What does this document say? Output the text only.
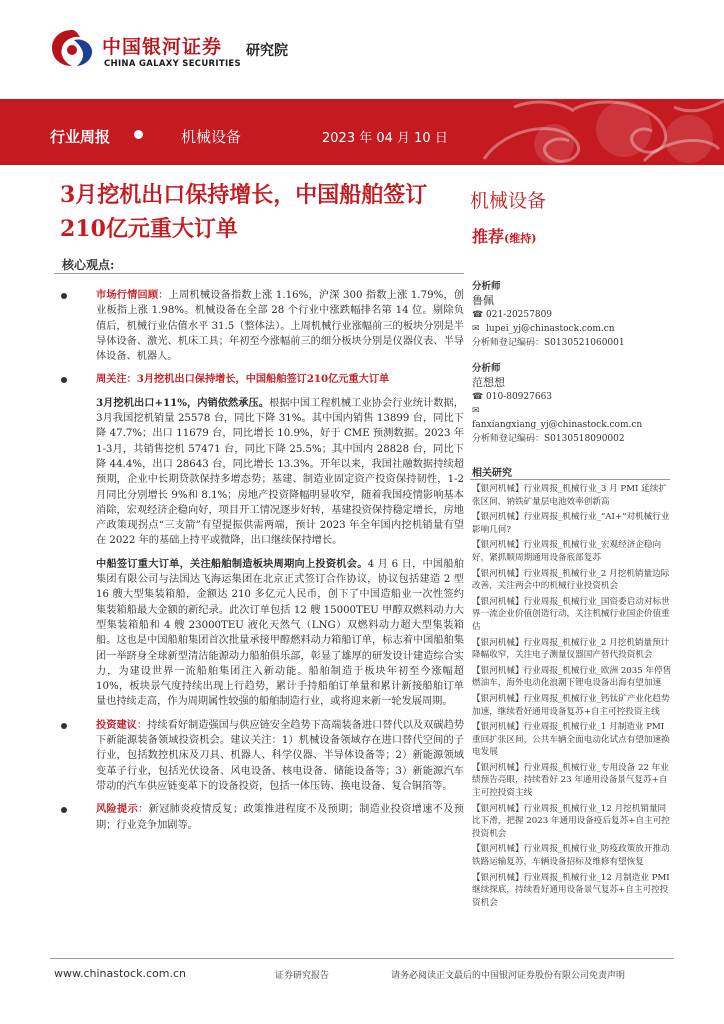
中国银河证券
CHINA GALAXY SECURITIES
研究院
行业周报	机械设备	2023 年 04 月 10 日
3月挖机出口保持增长，中国船舶签订210亿元重大订单
机械设备
推荐(维持)
核心观点:
市场行情回顾：上周机械设备指数上涨 1.16%，沪深 300 指数上涨 1.79%，创业板指上涨 1.98%。机械设备在全部 28 个行业中涨跌幅排名第 14 位。剔除负值后，机械行业估值水平 31.5（整体法）。上周机械行业涨幅前三的板块分别是半导体设备、激光、机床工具；年初至今涨幅前三的细分板块分别是仪器仪表、半导体设备、机器人。
周关注：3月挖机出口保持增长，中国船舶签订210亿元重大订单
3月挖机出口+11%，内销依然承压。根据中国工程机械工业协会行业统计数据，3月我国挖机销量 25578 台，同比下降 31%。其中国内销售 13899 台，同比下降 47.7%；出口 11679 台，同比增长 10.9%，好于 CME 预测数据。2023 年 1-3月，共销售挖机 57471 台，同比下降 25.5%；其中国内 28828 台，同比下降 44.4%，出口 28643 台，同比增长 13.3%。开年以来，我国社融数据持续超预期，企业中长期贷款保持多增态势；基建、制造业固定资产投资保持韧性，1-2月同比分别增长 9%和 8.1%；房地产投资降幅明显收窄，随着我国疫情影响基本消除，宏观经济企稳向好，项目开工情况逐步好转，基建投资保持稳定增长，房地产政策现拐点“三支箭”有望提振供需两端，预计 2023 年全年国内挖机销量有望在 2022 年的基础上持平或微降，出口继续保持增长。
中船签订重大订单，关注船舶制造板块周期向上投资机会。4 月 6 日，中国船舶集团有限公司与法国达飞海运集团在北京正式签订合作协议，协议包括建造 2 型 16 艘大型集装箱船，金额达 210 多亿元人民币，创下了中国造船业一次性签约集装箱船最大金额的新纪录。此次订单包括 12 艘 15000TEU 甲醇双燃料动力大型集装箱船和 4 艘 23000TEU 液化天然气（LNG）双燃料动力超大型集装箱船。这也是中国船舶集团首次批量承接甲醇燃料动力箱船订单，标志着中国船舶集团一举跻身全球新型清洁能源动力船舶俱乐部，彰显了雄厚的研发设计建造综合实力，为建设世界一流船舶集团注入新动能。船舶制造于板块年初至今涨幅超 10%，板块景气度持续出现上行趋势，累计手持船舶订单量和累计新接船舶订单量也持续走高，作为周期属性较强的船舶制造行业，或将迎来新一轮发展周期。
投资建议：持续看好制造强国与供应链安全趋势下高端装备进口替代以及双碳趋势下新能源装备领域投资机会。建议关注：1）机械设备领域存在进口替代空间的子行业，包括数控机床及刀具、机器人、科学仪器、半导体设备等；2）新能源领域变革子行业，包括光伏设备、风电设备、核电设备、储能设备等；3）新能源汽车带动的汽车供应链变革下的设备投资，包括一体压铸、换电设备、复合铜箔等。
风险提示：新冠肺炎疫情反复；政策推进程度不及预期；制造业投资增速不及预期；行业竞争加剧等。
分析师
鲁佩
☎ 021-20257809
✉ lupei_yj@chinastock.com.cn
分析师登记编码：S0130521060001
分析师
范想想
☎ 010-80927663
✉fanxiangxiang_yj@chinastock.com.cn
分析师登记编码：S0130518090002
相关研究
【银河机械】行业周报_机械行业_3 月 PMI 延续扩张区间，钠铁矿量层电池效率创新高
【银河机械】行业周报_机械行业_“AI+”对机械行业影响几何?
【银河机械】行业周报_机械行业_宏观经济企稳向好，紧抓顺周期通用设备底部复苏
【银河机械】行业周报_机械行业_2 月挖机销量边际改善，关注两会中的机械行业投资机会
【银河机械】行业周报_机械行业_国资委启动对标世界一流企业价值创造行动，关注机械行业国企价值重估
【银河机械】行业周报_机械行业_2 月挖机销量预计降幅收窄，关注电子测量仪器国产替代投资机会
【银河机械】行业周报_机械行业_欧洲 2035 年停售燃油车，海外电动化浪潮下锂电设备出海有望加速
【银河机械】行业周报_机械行业_钙钛矿产业化趋势加速，继续看好通用设备复苏+自主可控投资主线
【银河机械】行业周报_机械行业_1 月制造业 PMI 重回扩张区间，公共车辆全面电动化试点有望加速换电发展
【银河机械】行业周报_机械行业_专用设备 22 年业绩预告亮眼，持续看好 23 年通用设备景气复苏+自主可控投资主线
【银河机械】行业周报_机械行业_12 月挖机销量同比下滑，把握 2023 年通用设备疫后复苏+自主可控投资机会
【银河机械】行业周报_机械行业_防疫政策放开推动铁路运输复苏，车辆设备招标及维修有望恢复
【银河机械】行业周报_机械行业_12 月制造业 PMI 继续探底，持续看好通用设备景气复苏+自主可控投资机会
www.chinastock.com.cn	证券研究报告	请务必阅读正文最后的中国银河证券股份有限公司免责声明
